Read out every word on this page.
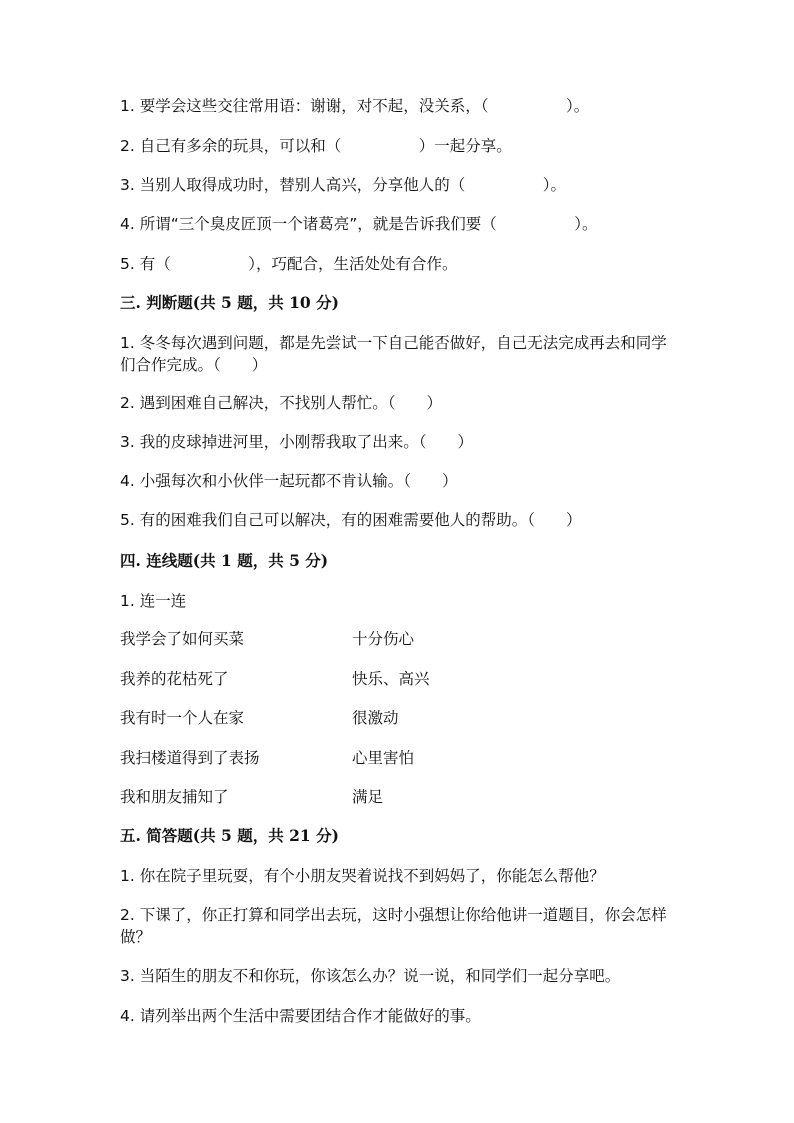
1. 要学会这些交往常用语：谢谢，对不起，没关系，（　　　　　）。
2. 自己有多余的玩具，可以和（　　　　　）一起分享。
3. 当别人取得成功时，替别人高兴，分享他人的（　　　　　）。
4. 所谓“三个臭皮匠顶一个诸葛亮”，就是告诉我们要（　　　　　）。
5. 有（　　　　　），巧配合，生活处处有合作。
三. 判断题(共 5 题，共 10 分)
1. 冬冬每次遇到问题，都是先尝试一下自己能否做好，自己无法完成再去和同学们合作完成。（　　）
2. 遇到困难自己解决，不找别人帮忙。（　　）
3. 我的皮球掉进河里，小刚帮我取了出来。（　　）
4. 小强每次和小伙伴一起玩都不肯认输。（　　）
5. 有的困难我们自己可以解决，有的困难需要他人的帮助。（　　）
四. 连线题(共 1 题，共 5 分)
1. 连一连
我学会了如何买菜	十分伤心
我养的花枯死了	快乐、高兴
我有时一个人在家	很激动
我扫楼道得到了表扬	心里害怕
我和朋友捕知了	满足
五. 简答题(共 5 题，共 21 分)
1. 你在院子里玩耍，有个小朋友哭着说找不到妈妈了，你能怎么帮他？
2. 下课了，你正打算和同学出去玩，这时小强想让你给他讲一道题目，你会怎样做？
3. 当陌生的朋友不和你玩，你该怎么办？说一说，和同学们一起分享吧。
4. 请列举出两个生活中需要团结合作才能做好的事。
